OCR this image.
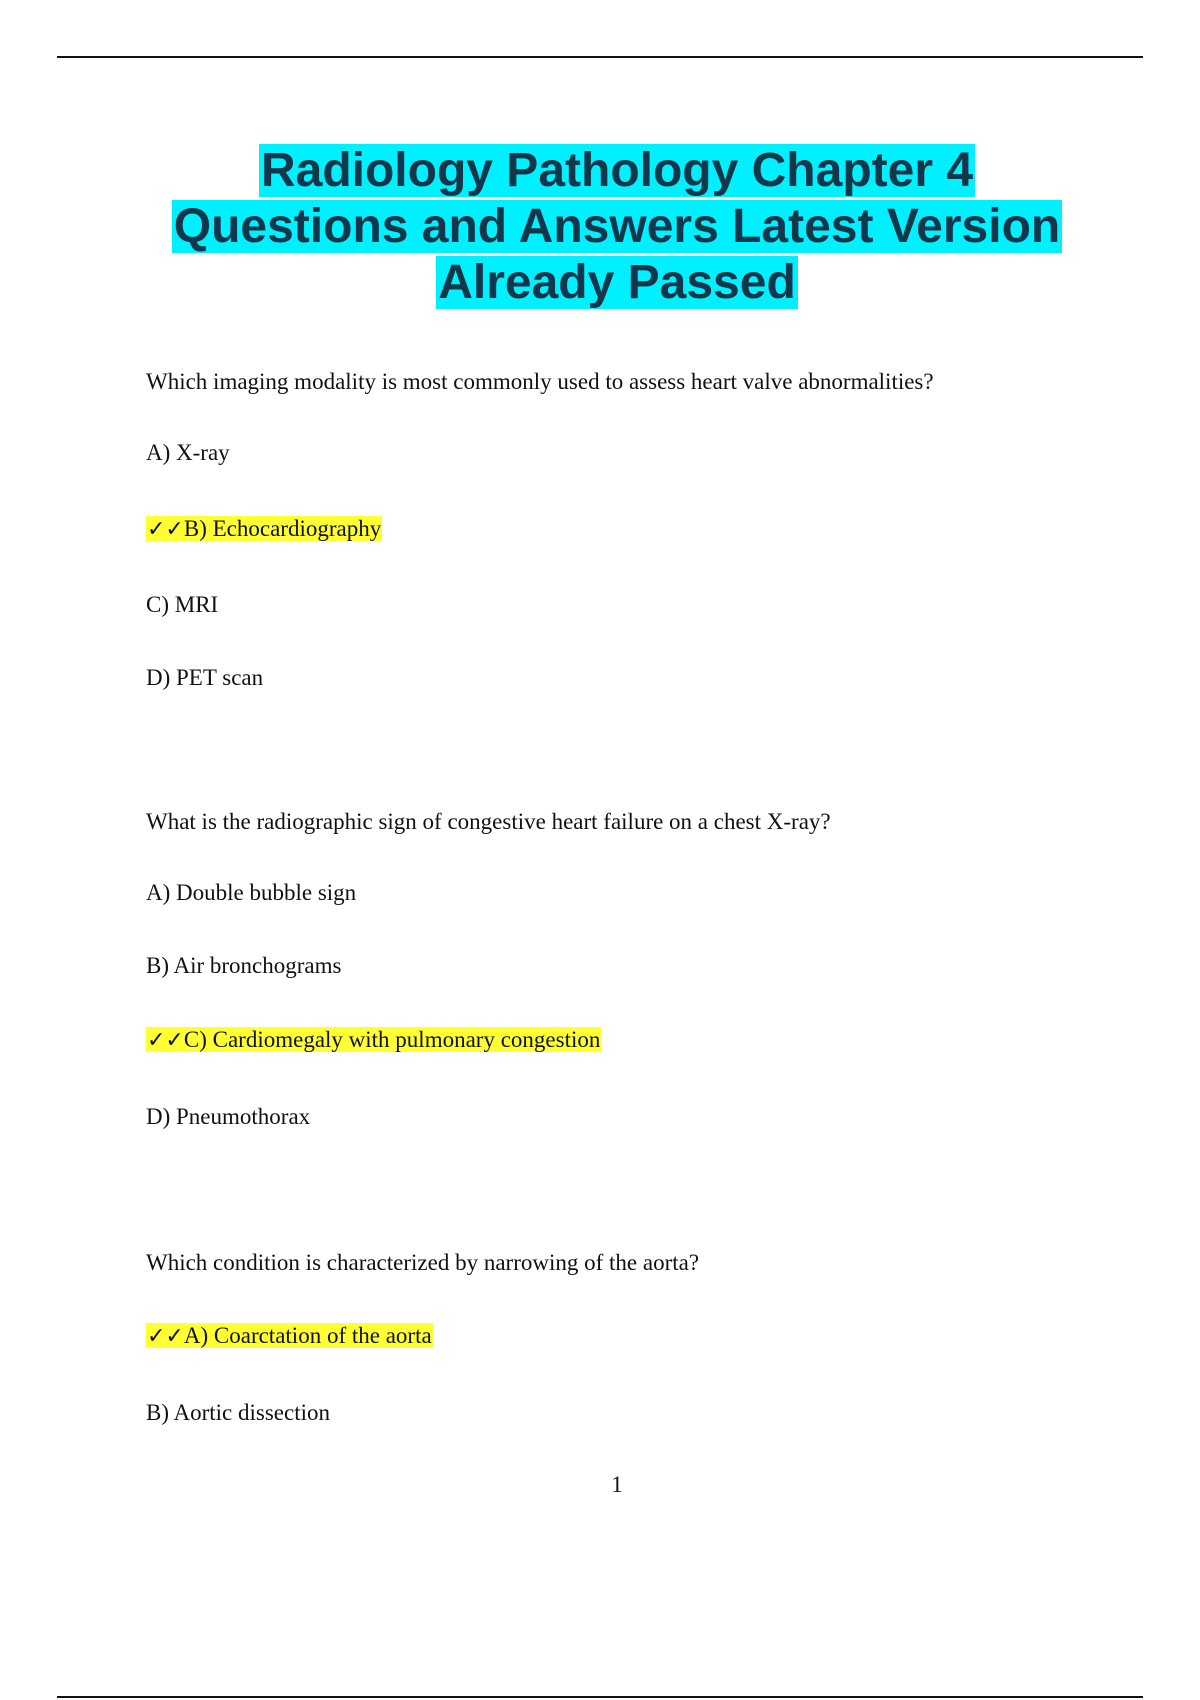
Radiology Pathology Chapter 4
Questions and Answers Latest Version
Already Passed
Which imaging modality is most commonly used to assess heart valve abnormalities?
A) X-ray
✓✓B) Echocardiography
C) MRI
D) PET scan
What is the radiographic sign of congestive heart failure on a chest X-ray?
A) Double bubble sign
B) Air bronchograms
✓✓C) Cardiomegaly with pulmonary congestion
D) Pneumothorax
Which condition is characterized by narrowing of the aorta?
✓✓A) Coarctation of the aorta
B) Aortic dissection
1
